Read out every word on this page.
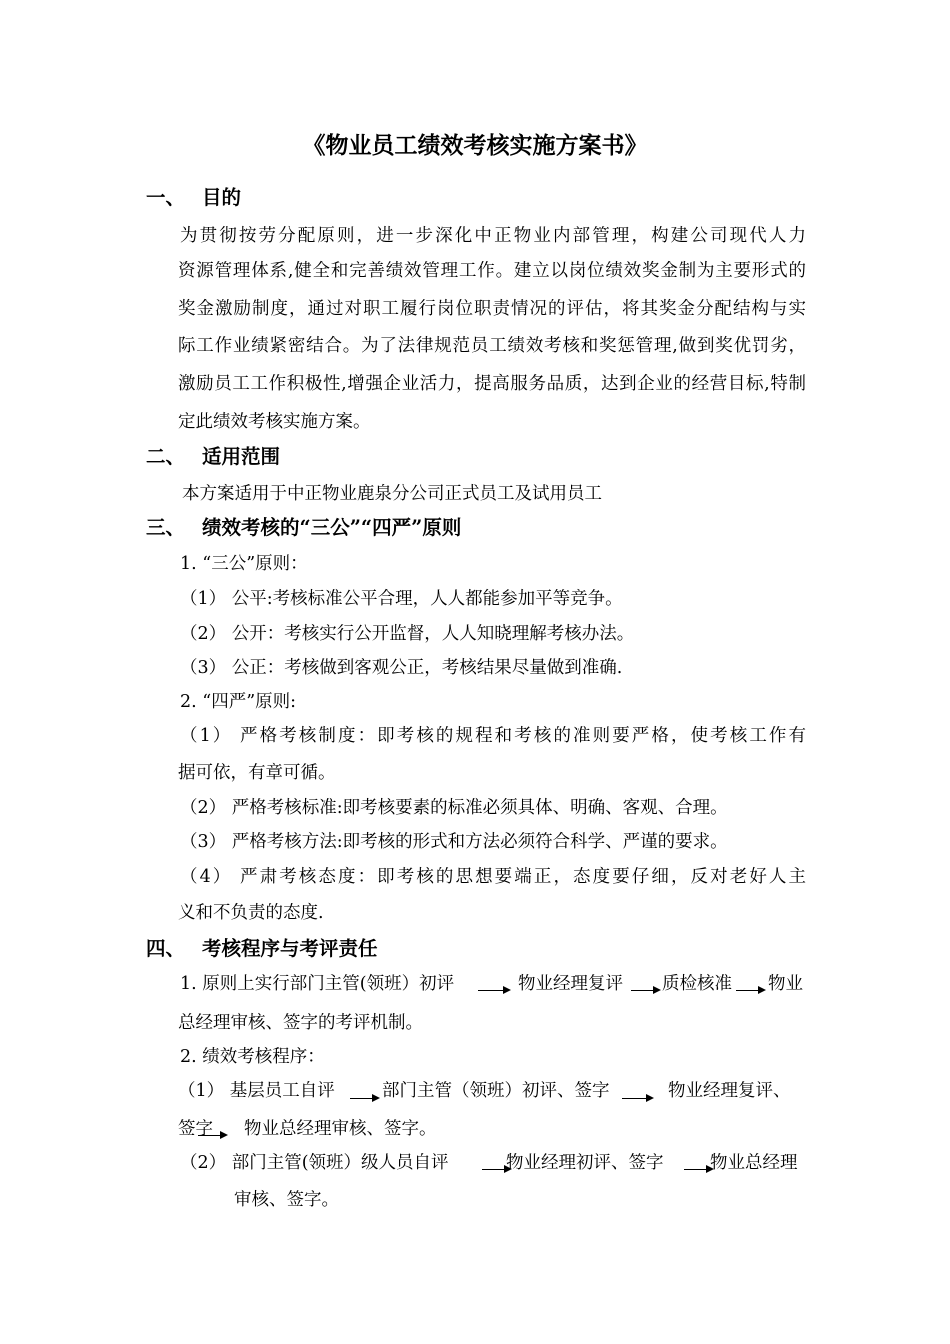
《物业员工绩效考核实施方案书》
一、 目的
为贯彻按劳分配原则，进一步深化中正物业内部管理，构建公司现代人力
资源管理体系,健全和完善绩效管理工作。建立以岗位绩效奖金制为主要形式的
奖金激励制度，通过对职工履行岗位职责情况的评估，将其奖金分配结构与实
际工作业绩紧密结合。为了法律规范员工绩效考核和奖惩管理,做到奖优罚劣，
激励员工工作积极性,增强企业活力，提高服务品质，达到企业的经营目标,特制
定此绩效考核实施方案。
二、 适用范围
本方案适用于中正物业鹿泉分公司正式员工及试用员工
三、 绩效考核的“三公”“四严”原则
1. “三公”原则：
（1） 公平:考核标准公平合理，人人都能参加平等竞争。
（2） 公开：考核实行公开监督，人人知晓理解考核办法。
（3） 公正：考核做到客观公正，考核结果尽量做到准确.
2. “四严”原则:
（1） 严格考核制度：即考核的规程和考核的准则要严格，使考核工作有
据可依，有章可循。
（2） 严格考核标准:即考核要素的标准必须具体、明确、客观、合理。
（3） 严格考核方法:即考核的形式和方法必须符合科学、严谨的要求。
（4） 严肃考核态度：即考核的思想要端正，态度要仔细，反对老好人主
义和不负责的态度.
四、 考核程序与考评责任
1. 原则上实行部门主管(领班）初评	物业经理复评 质检核准 物业
总经理审核、签字的考评机制。
2. 绩效考核程序：
（1） 基层员工自评	部门主管（领班）初评、签字	物业经理复评、
签字 物业总经理审核、签字。
（2） 部门主管(领班）级人员自评	物业经理初评、签字	物业总经理
审核、签字。
